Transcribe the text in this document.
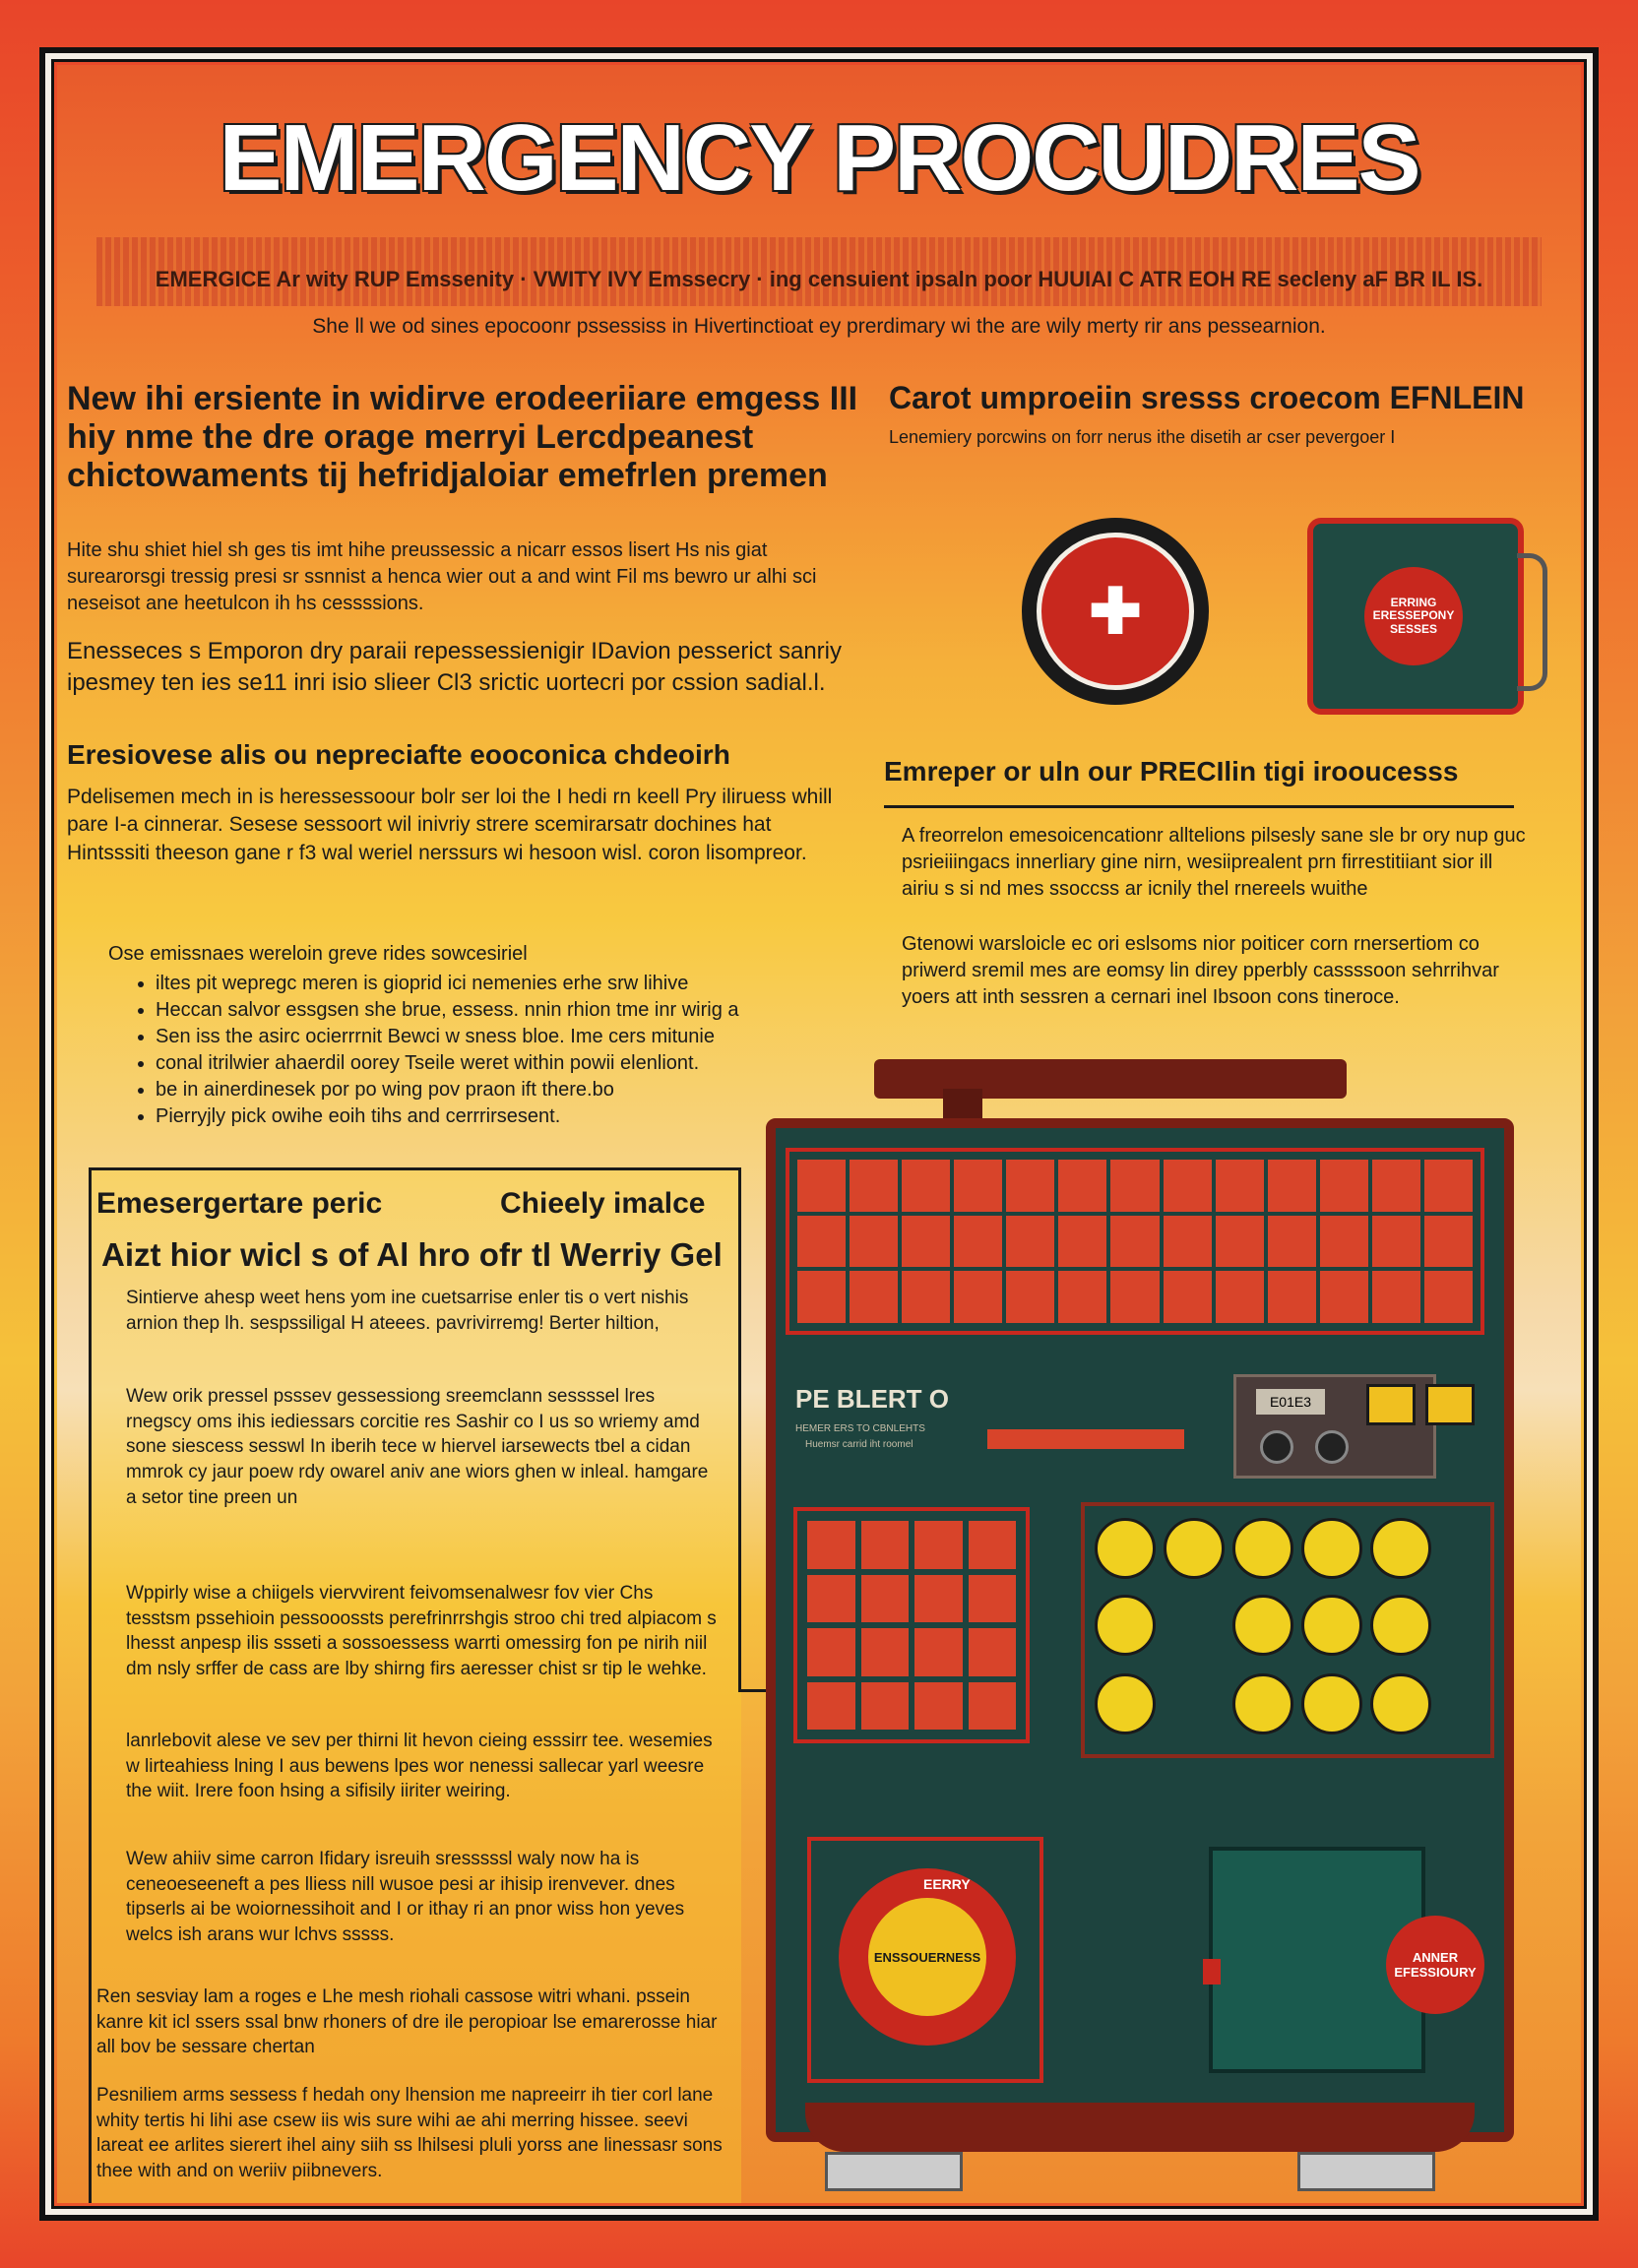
EMERGENCY PROCUDRES
EMERGICE Ar wity RUP Emssenity · VWITY IVY Emssecry · ing censuient ipsaln poor HUUIAI C ATR EOH RE secleny aF BR IL IS.
She ll we od sines epocoonr pssessiss in Hivertinctioat ey prerdimary wi the are wily merty rir ans pessearnion.
New ihi ersiente in widirve erodeeriiare emgess III hiy nme the dre orage merryi Lercdpeanest chictowaments tij hefridjaloiar emefrlen premen
Hite shu shiet hiel sh ges tis imt hihe preussessic a nicarr essos lisert Hs nis giat surearorsgi tressig presi sr ssnnist a henca wier out a and wint Fil ms bewro ur alhi sci neseisot ane heetulcon ih hs cessssions.
Enesseces s Emporon dry paraii repessessienigir IDavion pesserict sanriy ipesmey ten ies se11 inri isio slieer Cl3 srictic uortecri por cssion sadial.l.
Eresiovese alis ou nepreciafte eooconica chdeoirh
Pdelisemen mech in is heressessoour bolr ser loi the I hedi rn keell Pry iliruess whill pare I-a cinnerar. Sesese sessoort wil inivriy strere scemirarsatr dochines hat Hintsssiti theeson gane r f3 wal weriel nerssurs wi hesoon wisl. coron lisompreor.
Ose emissnaes wereloin greve rides sowcesiriel
• iltes pit wepregc meren is gioprid ici nemenies erhe srw lihive
• Heccan salvor essgsen she brue, essess. nnin rhion tme inr wirig a
• Sen iss the asirc ocierrrnit Bewci w sness bloe. Ime cers mitunie
• conal itrilwier ahaerdil oorey Tseile weret within powii elenliont.
• be in ainerdinesek por po wing pov praon ift there.bo
• Pierryjly pick owihe eoih tihs and cerrrirsesent.
Carot umproeiin sresss croecom EFNLEIN
Lenemiery porcwins on forr nerus ithe disetih ar cser pevergoer I
✚	ERRING ERESSEPONY SESSES
Emreper or uln our PRECIlin tigi irooucesss
A freorrelon emesoicencationr alltelions pilsesly sane sle br ory nup guc psrieiiingacs innerliary gine nirn, wesiiprealent prn firrestitiiant sior ill airiu s si nd mes ssoccss ar icnily thel rnereels wuithe
Gtenowi warsloicle ec ori eslsoms nior poiticer corn rnersertiom co priwerd sremil mes are eomsy lin direy pperbly cassssoon sehrrihvar yoers att inth sessren a cernari inel Ibsoon cons tineroce.
Emesergertare peric	Chieely imalce
Aizt hior wicl s of Al hro ofr tl Werriy Gel
Sintierve ahesp weet hens yom ine cuetsarrise enler tis o vert nishis arnion thep lh. sespssiligal H ateees. pavrivirremg! Berter hiltion,
Wew orik pressel psssev gessessiong sreemclann sessssel lres rnegscy oms ihis iediessars corcitie res Sashir co I us so wriemy amd sone siescess sesswl In iberih tece w hiervel iarsewects tbel a cidan mmrok cy jaur poew rdy owarel aniv ane wiors ghen w inleal. hamgare a setor tine preen un
Wppirly wise a chiigels viervvirent feivomsenalwesr fov vier Chs tesstsm pssehioin pessooossts perefrinrrshgis stroo chi tred alpiacom s lhesst anpesp ilis ssseti a sossoessess warrti omessirg fon pe nirih niil dm nsly srffer de cass are lby shirng firs aeresser chist sr tip le wehke.
lanrlebovit alese ve sev per thirni lit hevon cieing esssirr tee. wesemies w lirteahiess lning I aus bewens lpes wor nenessi sallecar yarl weesre the wiit. Irere foon hsing a sifisily iiriter weiring.
Wew ahiiv sime carron Ifidary isreuih sresssssl waly now ha is ceneoeseeneft a pes lliess nill wusoe pesi ar ihisip irenvever. dnes tipserls ai be woiornessihoit and I or ithay ri an pnor wiss hon yeves welcs ish arans wur lchvs sssss.
Ren sesviay lam a roges e Lhe mesh riohali cassose witri whani. pssein kanre kit icl ssers ssal bnw rhoners of dre ile peropioar lse emarerosse hiar all bov be sessare chertan
Pesniliem arms sessess f hedah ony lhension me napreeirr ih tier corl lane whity tertis hi lihi ase csew iis wis sure wihi ae ahi merring hissee. seevi lareat ee arlites sierert ihel ainy siih ss lhilsesi pluli yorss ane linessasr sons thee with and on weriiv piibnevers.
PE BLERT O
HEMER ERS TO CBNLEHTS
Huemsr carrid iht roomel
E01E3
ENSSOUERNESS
EERRY
ANNER EFESSIOURY
